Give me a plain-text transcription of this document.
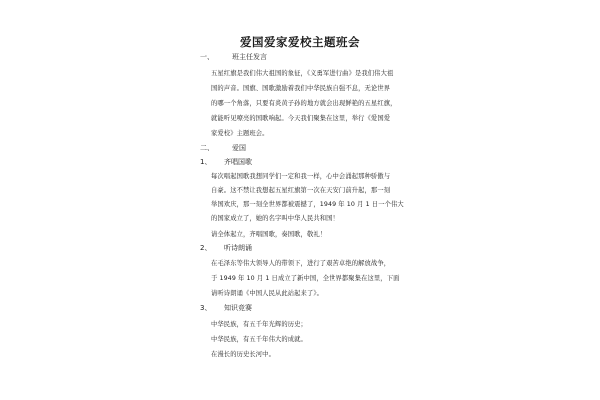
爱国爱家爱校主题班会
一、	班主任发言
五星红旗是我们伟大祖国的象征，《义勇军进行曲》是我们伟大祖
国的声音。国旗、国歌激励着我们中华民族自强不息，无论世界
的哪一个角落，只要有炎黄子孙的地方就会出现鲜艳的五星红旗，
就能听见嘹亮的国歌响起。今天我们聚集在这里，举行《爱国爱
家爱校》主题班会。
二、	爱国
1、 齐唱国歌
每次唱起国歌我想同学们一定和我一样，心中会涌起那种骄傲与
自豪。这不禁让我想起五星红旗第一次在天安门前升起，那一刻
举国欢庆，那一刻全世界都被震撼了，1949 年 10 月 1 日一个伟大
的国家成立了，她的名字叫中华人民共和国！
请全体起立，齐唱国歌，奏国歌，敬礼！
2、 听诗朗诵
在毛泽东等伟大领导人的带领下，进行了艰苦卓绝的解放战争，
于 1949 年 10 月 1 日成立了新中国，全世界都聚集在这里，下面
请听诗朗诵《中国人民从此站起来了》。
3、 知识竞赛
中华民族，有五千年光辉的历史；
中华民族，有五千年伟大的成就。
在漫长的历史长河中。
